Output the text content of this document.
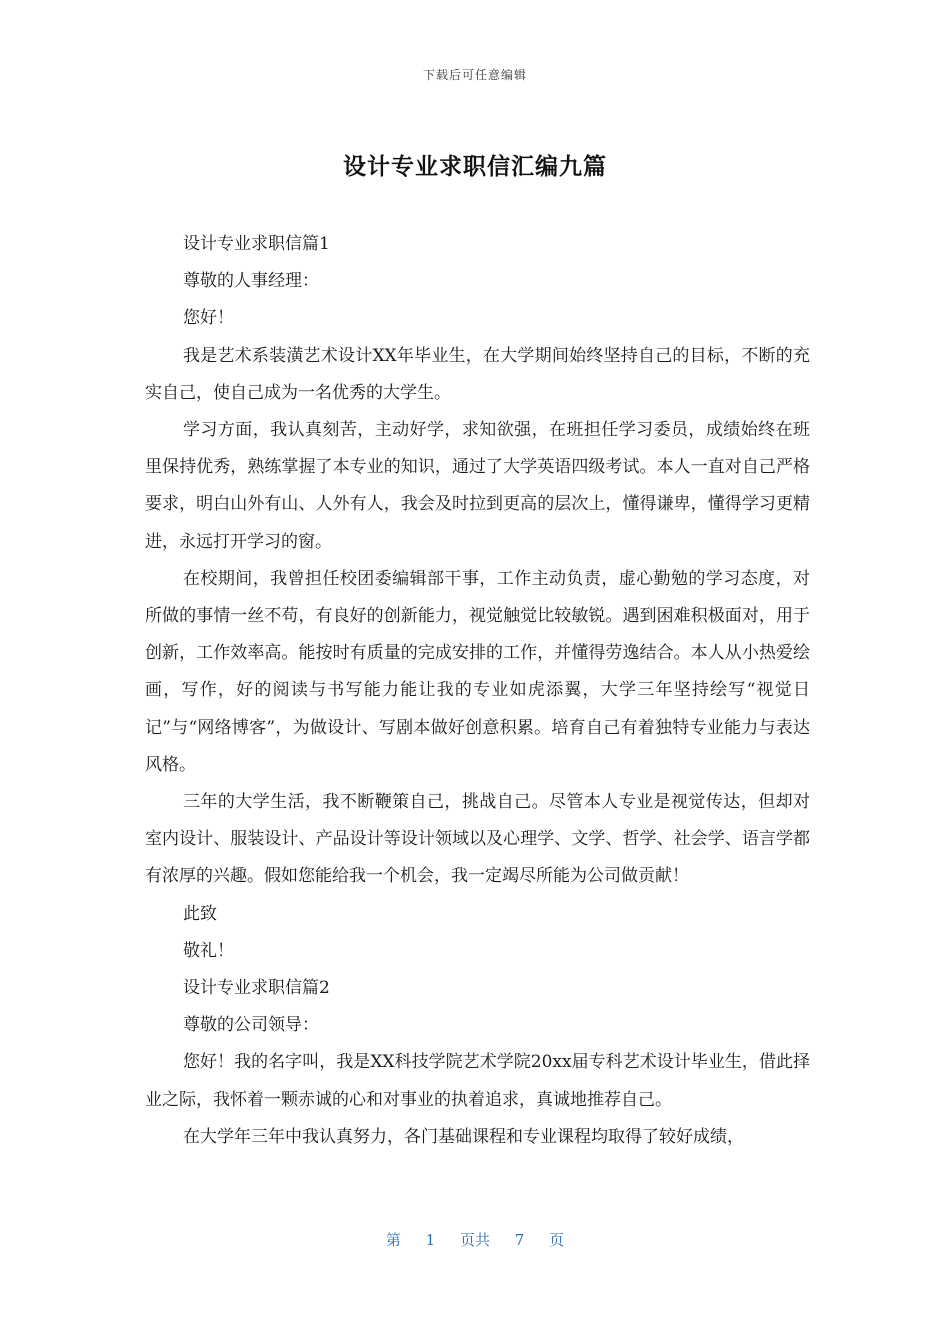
下载后可任意编辑
设计专业求职信汇编九篇

设计专业求职信篇1

尊敬的人事经理：

您好！

我是艺术系装潢艺术设计XX年毕业生，在大学期间始终坚持自己的目标，不断的充实自己，使自己成为一名优秀的大学生。

学习方面，我认真刻苦，主动好学，求知欲强，在班担任学习委员，成绩始终在班里保持优秀，熟练掌握了本专业的知识，通过了大学英语四级考试。本人一直对自己严格要求，明白山外有山、人外有人，我会及时拉到更高的层次上，懂得谦卑，懂得学习更精进，永远打开学习的窗。

在校期间，我曾担任校团委编辑部干事，工作主动负责，虚心勤勉的学习态度，对所做的事情一丝不苟，有良好的创新能力，视觉触觉比较敏锐。遇到困难积极面对，用于创新，工作效率高。能按时有质量的完成安排的工作，并懂得劳逸结合。本人从小热爱绘画，写作，好的阅读与书写能力能让我的专业如虎添翼，大学三年坚持绘写“视觉日记”与“网络博客”，为做设计、写剧本做好创意积累。培育自己有着独特专业能力与表达风格。

三年的大学生活，我不断鞭策自己，挑战自己。尽管本人专业是视觉传达，但却对室内设计、服装设计、产品设计等设计领域以及心理学、文学、哲学、社会学、语言学都有浓厚的兴趣。假如您能给我一个机会，我一定竭尽所能为公司做贡献！

此致

敬礼！

设计专业求职信篇2

尊敬的公司领导：

您好！我的名字叫，我是XX科技学院艺术学院20xx届专科艺术设计毕业生，借此择业之际，我怀着一颗赤诚的心和对事业的执着追求，真诚地推荐自己。

在大学年三年中我认真努力，各门基础课程和专业课程均取得了较好成绩，

第 1 页共 7 页
